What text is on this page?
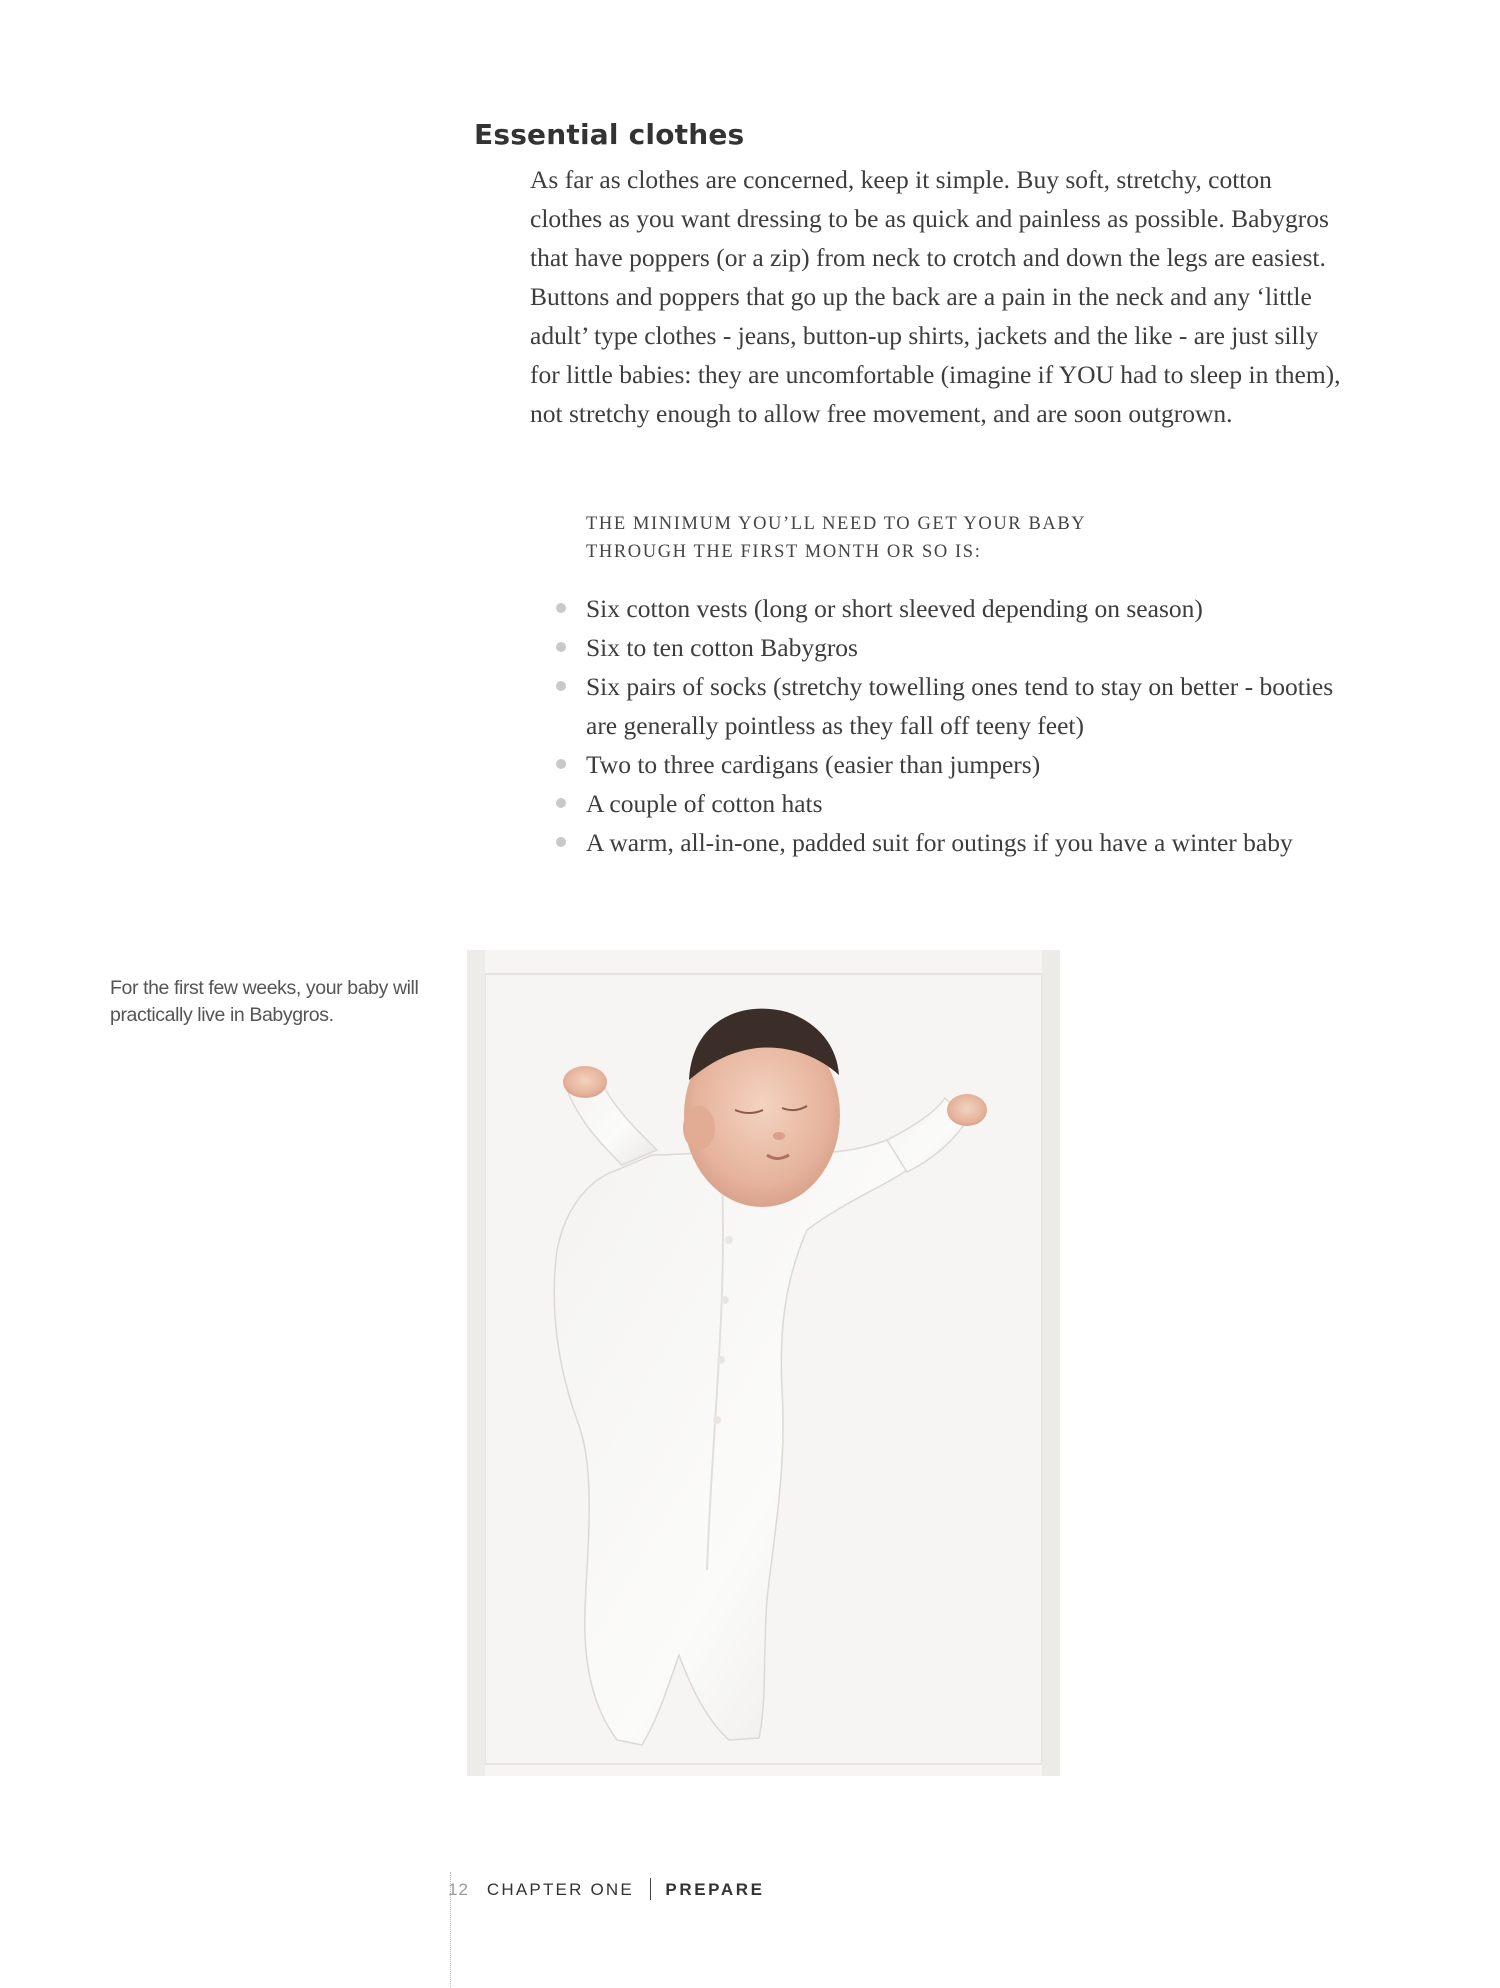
Essential clothes

As far as clothes are concerned, keep it simple. Buy soft, stretchy, cotton clothes as you want dressing to be as quick and painless as possible. Babygros that have poppers (or a zip) from neck to crotch and down the legs are easiest. Buttons and poppers that go up the back are a pain in the neck and any ‘little adult’ type clothes - jeans, button-up shirts, jackets and the like - are just silly for little babies: they are uncomfortable (imagine if YOU had to sleep in them), not stretchy enough to allow free movement, and are soon outgrown.

THE MINIMUM YOU’LL NEED TO GET YOUR BABY
THROUGH THE FIRST MONTH OR SO IS:
Six cotton vests (long or short sleeved depending on season)
Six to ten cotton Babygros
Six pairs of socks (stretchy towelling ones tend to stay on better - booties are generally pointless as they fall off teeny feet)
Two to three cardigans (easier than jumpers)
A couple of cotton hats
A warm, all-in-one, padded suit for outings if you have a winter baby
For the first few weeks, your baby will practically live in Babygros.
12 CHAPTER ONE PREPARE
